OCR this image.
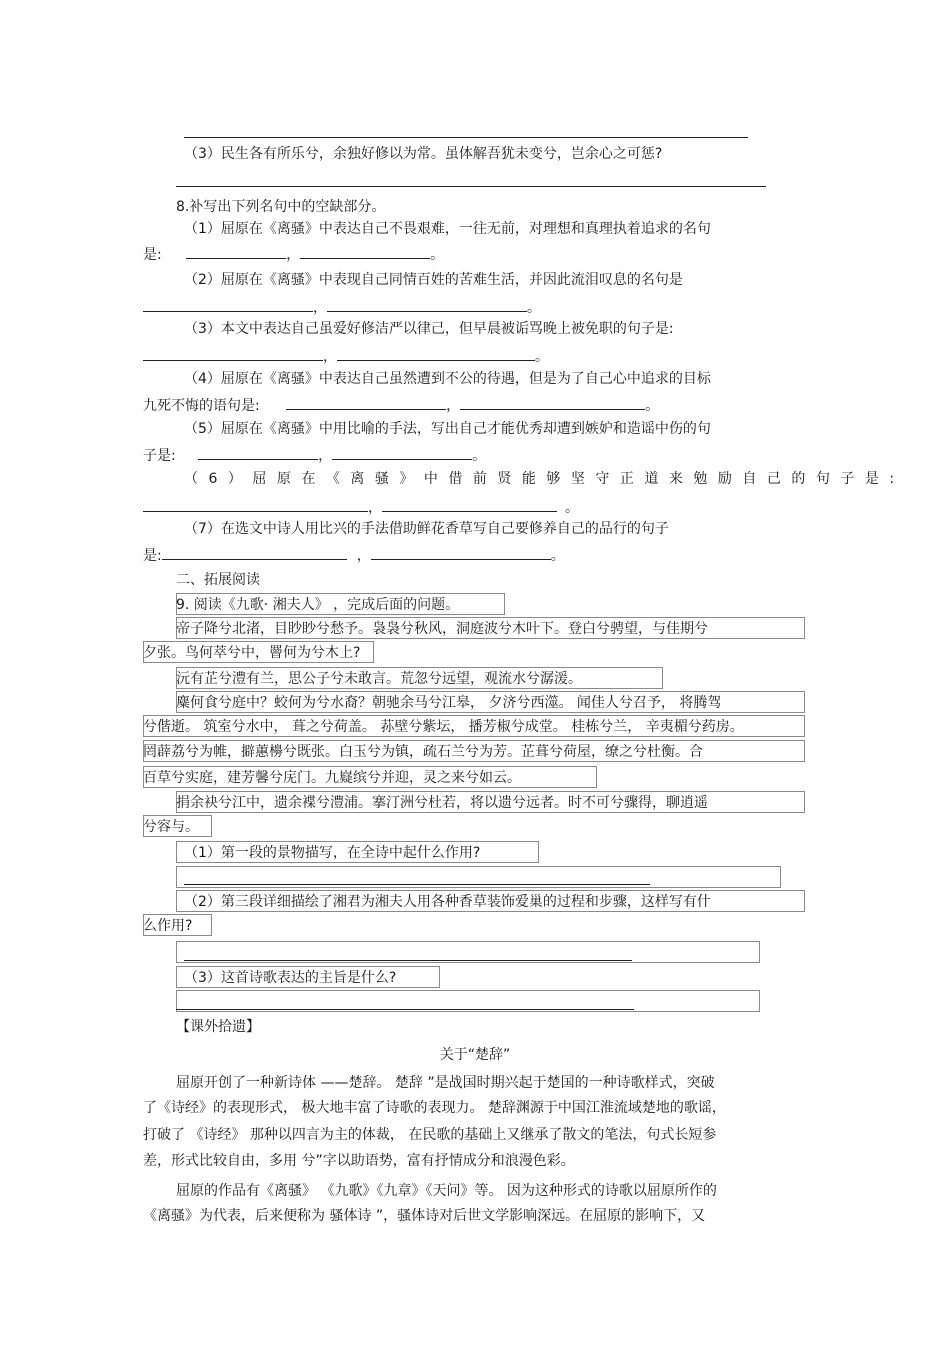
（3）民生各有所乐兮，余独好修以为常。虽体解吾犹未变兮，岂余心之可惩?
8.补写出下列名句中的空缺部分。
（1）屈原在《离骚》中表达自己不畏艰难，一往无前，对理想和真理执着追求的名句
是:	，	。
（2）屈原在《离骚》中表现自己同情百姓的苦难生活，并因此流泪叹息的名句是
，	。
（3）本文中表达自己虽爱好修洁严以律己，但早晨被诟骂晚上被免职的句子是:
，	。
（4）屈原在《离骚》中表达自己虽然遭到不公的待遇，但是为了自己心中追求的目标
九死不悔的语句是:	，	。
（5）屈原在《离骚》中用比喻的手法，写出自己才能优秀却遭到嫉妒和造谣中伤的句
子是:	，	。
（6）屈原在《离骚》中借前贤能够坚守正道来勉励自己的句子是:
，	。
（7）在选文中诗人用比兴的手法借助鲜花香草写自己要修养自己的品行的句子
是:	，	。
二、拓展阅读
9. 阅读《九歌· 湘夫人》 ，完成后面的问题。
帝子降兮北渚，目眇眇兮愁予。袅袅兮秋风，洞庭波兮木叶下。登白兮骋望，与佳期兮
夕张。鸟何萃兮中，罾何为兮木上?
沅有芷兮澧有兰，思公子兮未敢言。荒忽兮远望，观流水兮潺湲。
麋何食兮庭中？蛟何为兮水裔？朝驰余马兮江皋， 夕济兮西澨。 闻佳人兮召予， 将腾驾
兮偕逝。 筑室兮水中， 葺之兮荷盖。 荪壁兮紫坛， 播芳椒兮成堂。 桂栋兮兰， 辛夷楣兮药房。
罔薜荔兮为帷，擗蕙櫋兮既张。白玉兮为镇，疏石兰兮为芳。芷葺兮荷屋，缭之兮杜衡。合
百草兮实庭，建芳馨兮庑门。九嶷缤兮并迎，灵之来兮如云。
捐余袂兮江中，遗余褋兮澧浦。搴汀洲兮杜若，将以遗兮远者。时不可兮骤得，聊逍遥
兮容与。
（1）第一段的景物描写，在全诗中起什么作用?
（2）第三段详细描绘了湘君为湘夫人用各种香草装饰爱巢的过程和步骤，这样写有什
么作用?
（3）这首诗歌表达的主旨是什么?
【课外拾遗】
关于“楚辞”
屈原开创了一种新诗体 ——楚辞。 楚辞 ”是战国时期兴起于楚国的一种诗歌样式，突破
了《诗经》的表现形式， 极大地丰富了诗歌的表现力。 楚辞渊源于中国江淮流域楚地的歌谣，
打破了 《诗经》 那种以四言为主的体裁， 在民歌的基础上又继承了散文的笔法，句式长短参
差，形式比较自由，多用 兮”字以助语势，富有抒情成分和浪漫色彩。
屈原的作品有《离骚》 《九歌》《九章》《天问》等。 因为这种形式的诗歌以屈原所作的
《离骚》为代表，后来便称为 骚体诗 ”，骚体诗对后世文学影响深远。在屈原的影响下，又
